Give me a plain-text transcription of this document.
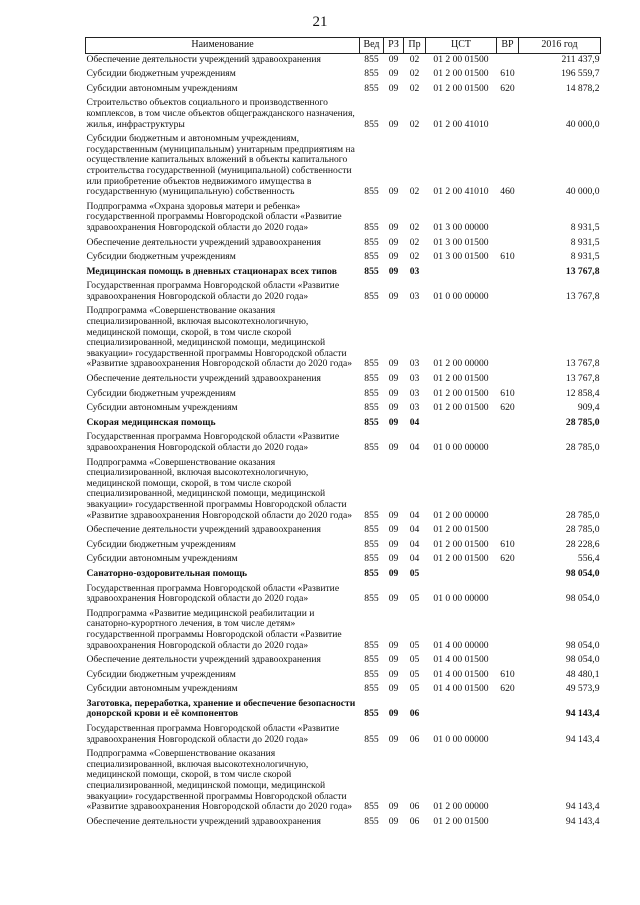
21
Наименование	Вед	РЗ	Пр	ЦСТ	ВР	2016 год
Обеспечение деятельности учреждений здравоохранения	855	09	02	01 2 00 01500		211 437,9
Субсидии бюджетным учреждениям	855	09	02	01 2 00 01500	610	196 559,7
Субсидии автономным учреждениям	855	09	02	01 2 00 01500	620	14 878,2
Строительство объектов социального и производственного комплексов, в том числе объектов общегражданского назначения, жилья, инфраструктуры	855	09	02	01 2 00 41010		40 000,0
Субсидии бюджетным и автономным учреждениям, государственным (муниципальным) унитарным предприятиям на осуществление капитальных вложений в объекты капитального строительства государственной (муниципальной) собственности или приобретение объектов недвижимого имущества в государственную (муниципальную) собственность	855	09	02	01 2 00 41010	460	40 000,0
Подпрограмма «Охрана здоровья матери и ребенка» государственной программы Новгородской области «Развитие здравоохранения Новгородской области до 2020 года»	855	09	02	01 3 00 00000		8 931,5
Обеспечение деятельности учреждений здравоохранения	855	09	02	01 3 00 01500		8 931,5
Субсидии бюджетным учреждениям	855	09	02	01 3 00 01500	610	8 931,5
Медицинская помощь в дневных стационарах всех типов	855	09	03			13 767,8
Государственная программа Новгородской области «Развитие здравоохранения Новгородской области до 2020 года»	855	09	03	01 0 00 00000		13 767,8
Подпрограмма «Совершенствование оказания специализированной, включая высокотехнологичную, медицинской помощи, скорой, в том числе скорой специализированной, медицинской помощи, медицинской эвакуации» государственной программы Новгородской области «Развитие здравоохранения Новгородской области до 2020 года»	855	09	03	01 2 00 00000		13 767,8
Обеспечение деятельности учреждений здравоохранения	855	09	03	01 2 00 01500		13 767,8
Субсидии бюджетным учреждениям	855	09	03	01 2 00 01500	610	12 858,4
Субсидии автономным учреждениям	855	09	03	01 2 00 01500	620	909,4
Скорая медицинская помощь	855	09	04			28 785,0
Государственная программа Новгородской области «Развитие здравоохранения Новгородской области до 2020 года»	855	09	04	01 0 00 00000		28 785,0
Подпрограмма «Совершенствование оказания специализированной, включая высокотехнологичную, медицинской помощи, скорой, в том числе скорой специализированной, медицинской помощи, медицинской эвакуации» государственной программы Новгородской области «Развитие здравоохранения Новгородской области до 2020 года»	855	09	04	01 2 00 00000		28 785,0
Обеспечение деятельности учреждений здравоохранения	855	09	04	01 2 00 01500		28 785,0
Субсидии бюджетным учреждениям	855	09	04	01 2 00 01500	610	28 228,6
Субсидии автономным учреждениям	855	09	04	01 2 00 01500	620	556,4
Санаторно-оздоровительная помощь	855	09	05			98 054,0
Государственная программа Новгородской области «Развитие здравоохранения Новгородской области до 2020 года»	855	09	05	01 0 00 00000		98 054,0
Подпрограмма «Развитие медицинской реабилитации и санаторно-курортного лечения, в том числе детям» государственной программы Новгородской области «Развитие здравоохранения Новгородской области до 2020 года»	855	09	05	01 4 00 00000		98 054,0
Обеспечение деятельности учреждений здравоохранения	855	09	05	01 4 00 01500		98 054,0
Субсидии бюджетным учреждениям	855	09	05	01 4 00 01500	610	48 480,1
Субсидии автономным учреждениям	855	09	05	01 4 00 01500	620	49 573,9
Заготовка, переработка, хранение и обеспечение безопасности донорской крови и её компонентов	855	09	06			94 143,4
Государственная программа Новгородской области «Развитие здравоохранения Новгородской области до 2020 года»	855	09	06	01 0 00 00000		94 143,4
Подпрограмма «Совершенствование оказания специализированной, включая высокотехнологичную, медицинской помощи, скорой, в том числе скорой специализированной, медицинской помощи, медицинской эвакуации» государственной программы Новгородской области «Развитие здравоохранения Новгородской области до 2020 года»	855	09	06	01 2 00 00000		94 143,4
Обеспечение деятельности учреждений здравоохранения	855	09	06	01 2 00 01500		94 143,4
